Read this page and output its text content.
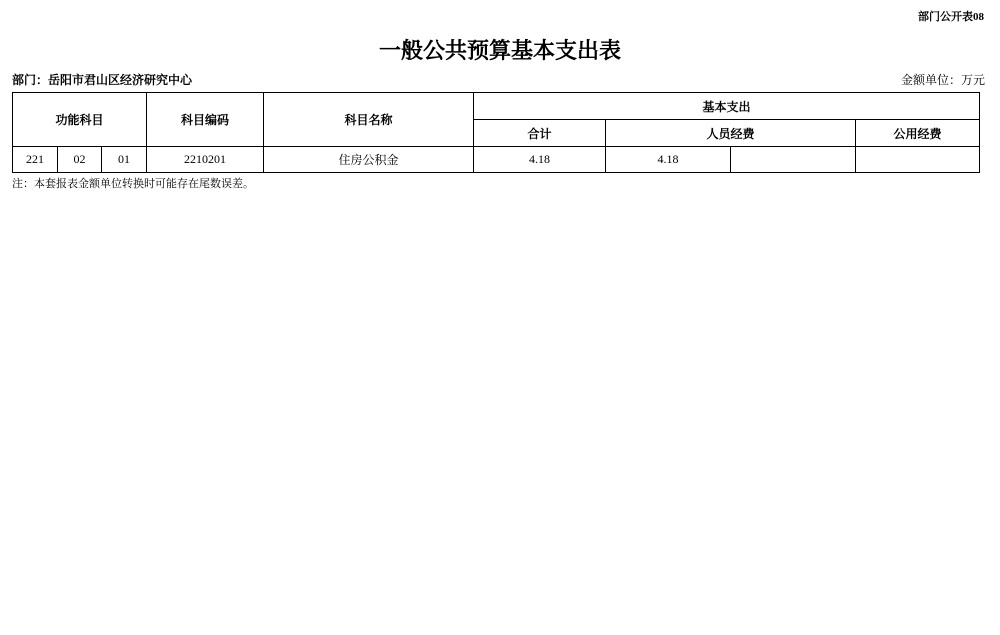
部门公开表08
一般公共预算基本支出表
部门：岳阳市君山区经济研究中心	金额单位：万元
功能科目			科目编码	科目名称	基本支出			
					合计	人员经费		公用经费
221	02	01	2210201	住房公积金	4.18	4.18		
注：本套报表金额单位转换时可能存在尾数误差。
